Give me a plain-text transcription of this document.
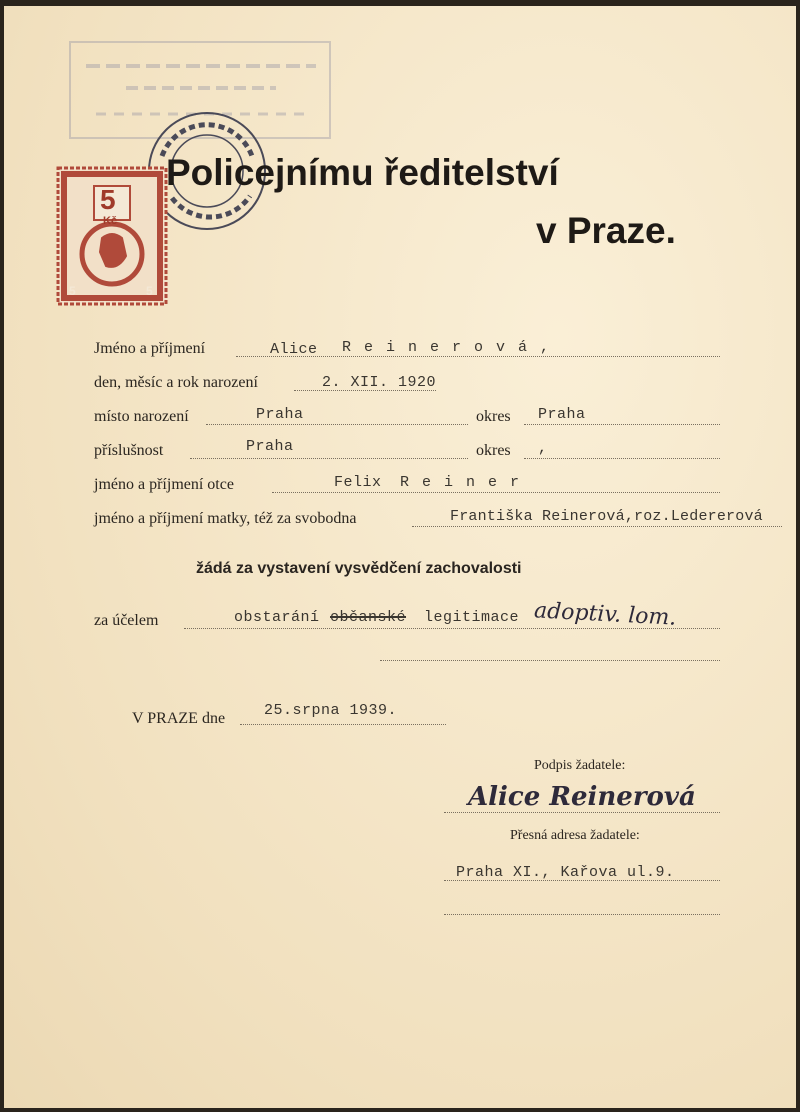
5
Kč
5	5
Policejnímu ředitelství
v Praze.
Jméno a příjmení	Alice R e i n e r o v á ,
den, měsíc a rok narození	2. XII. 1920
místo narození	Praha	okres Praha
příslušnost	Praha	okres ,
jméno a příjmení otce	Felix R e i n e r
jméno a příjmení matky, též za svobodna	Františka Reinerová,roz.Ledererová
žádá za vystavení vysvědčení zachovalosti
za účelem	obstarání občanské legitimace adoptiv. lom.
V PRAZE dne	25.srpna 1939.
Podpis žadatele:
Alice Reinerová
Přesná adresa žadatele:
Praha XI., Kařova ul.9.
